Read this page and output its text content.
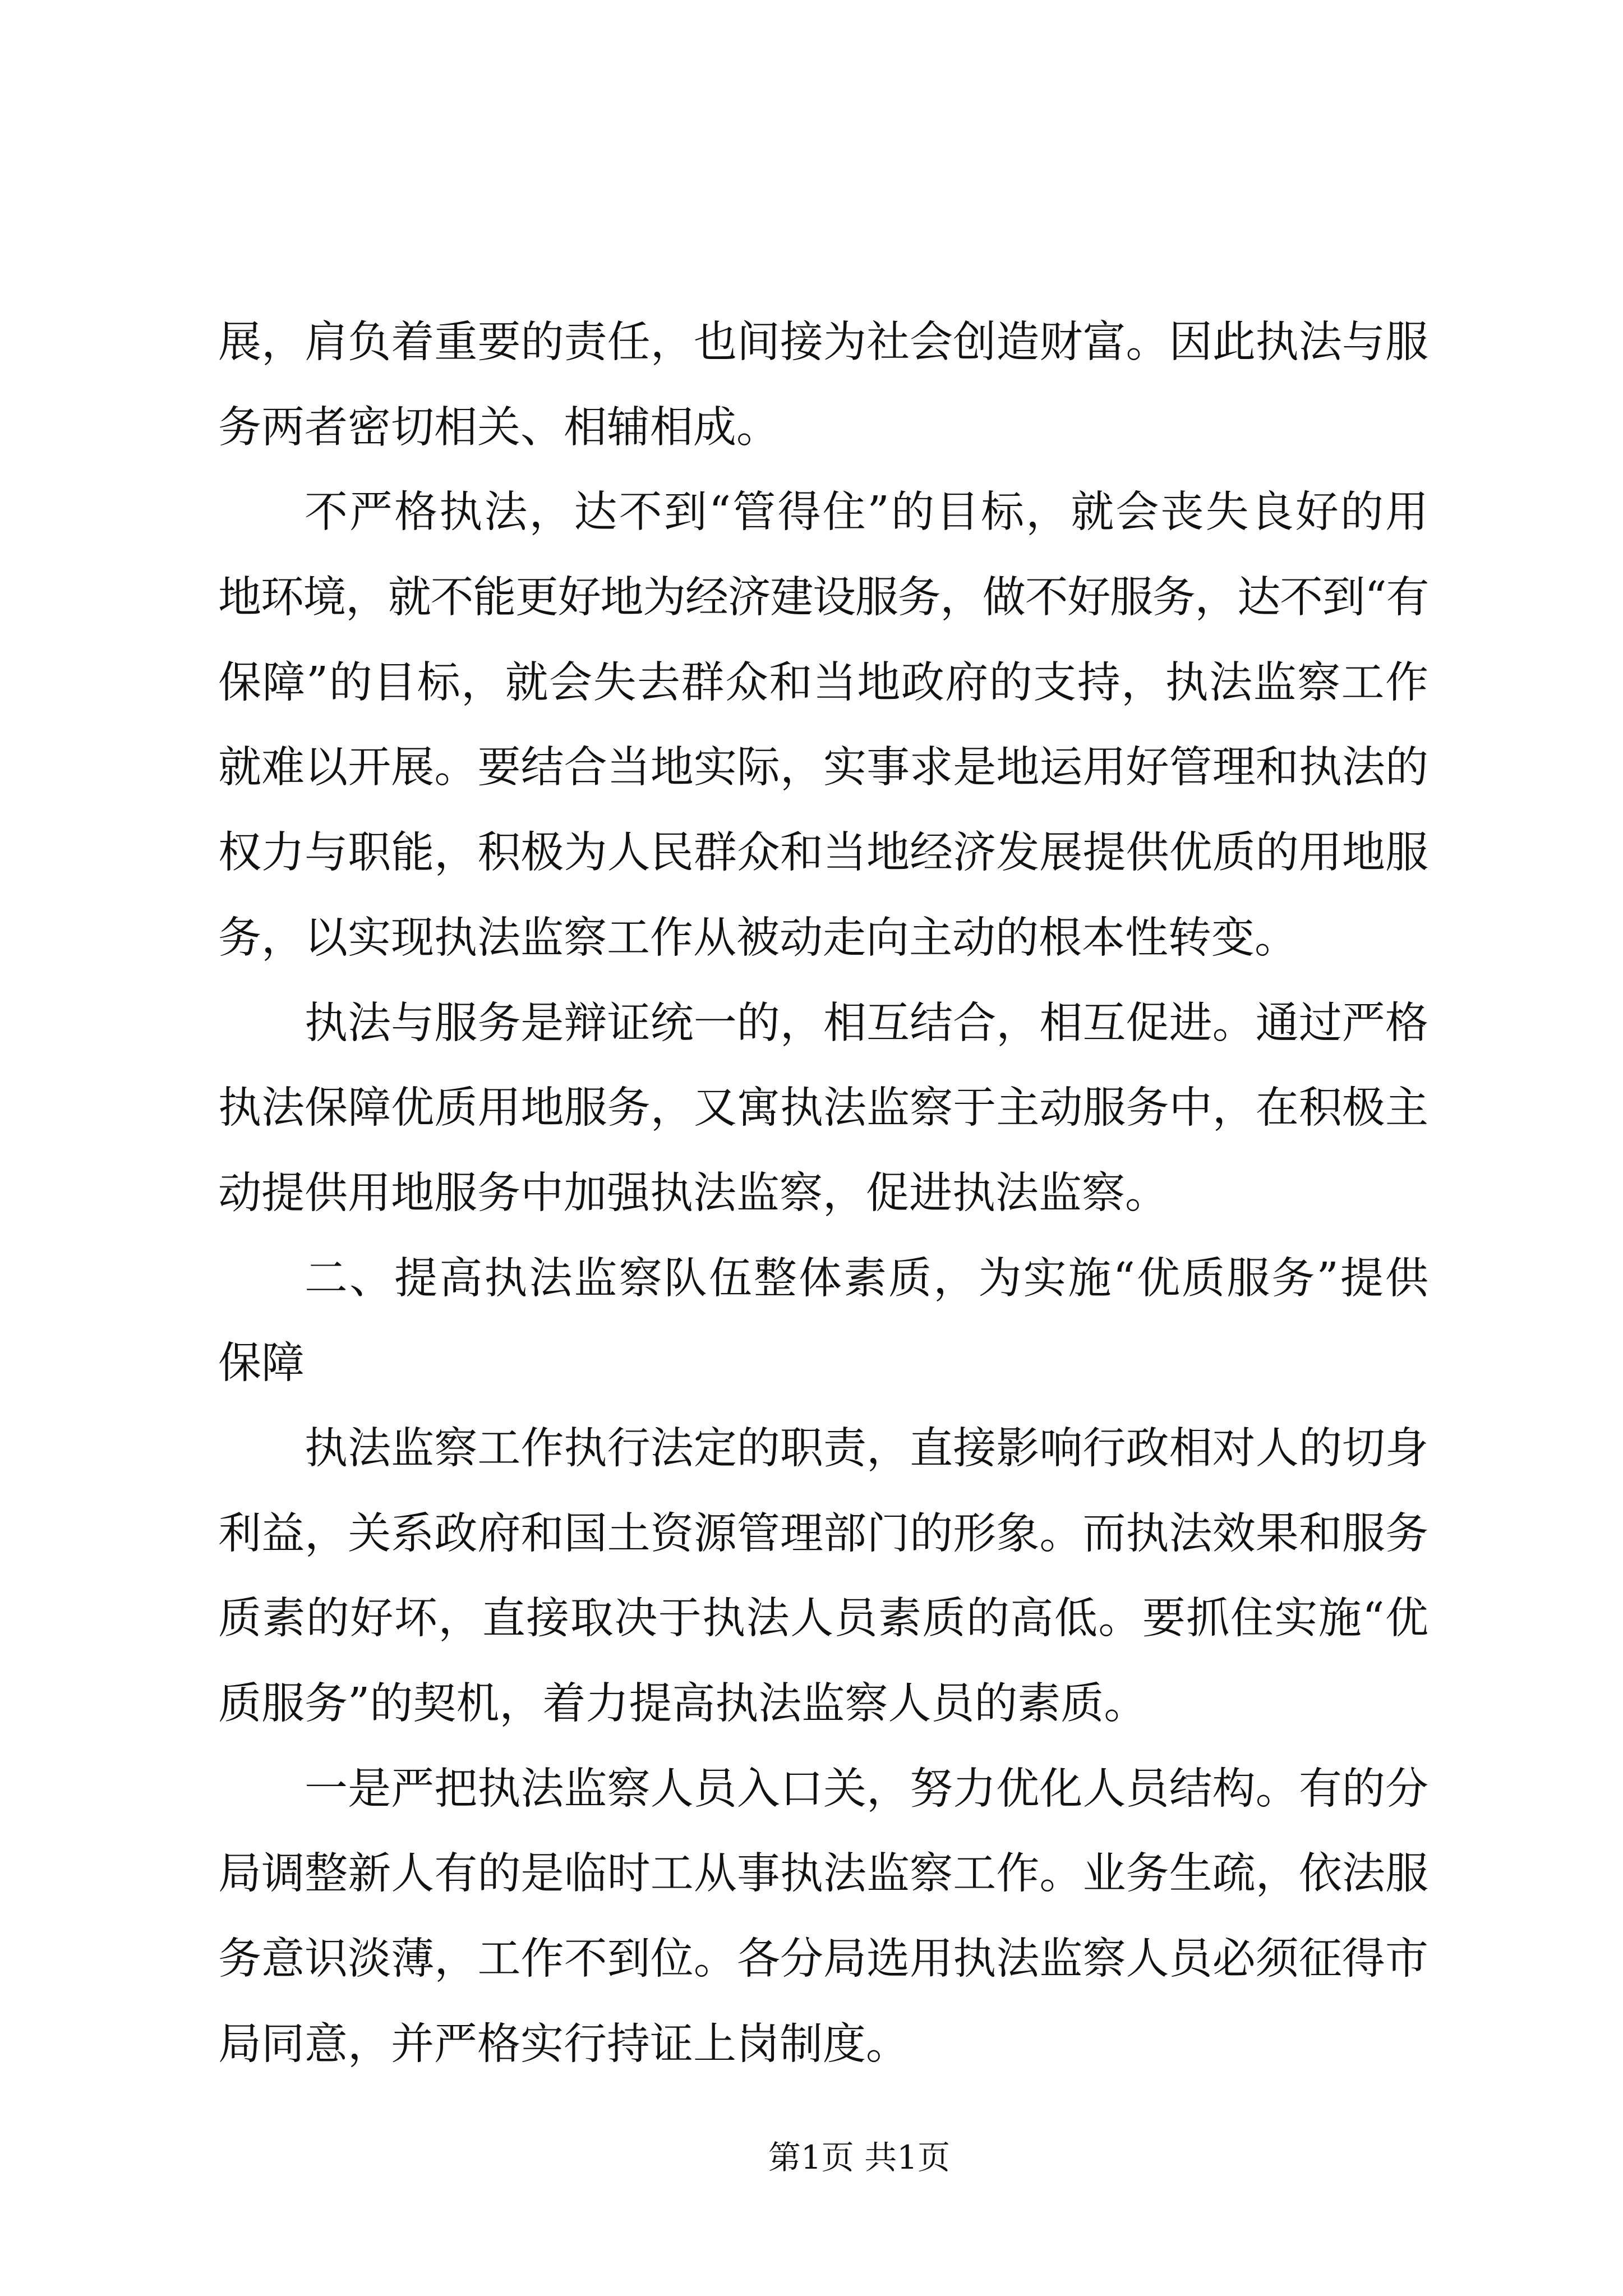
展，肩负着重要的责任，也间接为社会创造财富。因此执法与服
务两者密切相关、相辅相成。
不严格执法，达不到“管得住”的目标，就会丧失良好的用
地环境，就不能更好地为经济建设服务，做不好服务，达不到“有
保障”的目标，就会失去群众和当地政府的支持，执法监察工作
就难以开展。要结合当地实际，实事求是地运用好管理和执法的
权力与职能，积极为人民群众和当地经济发展提供优质的用地服
务，以实现执法监察工作从被动走向主动的根本性转变。
执法与服务是辩证统一的，相互结合，相互促进。通过严格
执法保障优质用地服务，又寓执法监察于主动服务中，在积极主
动提供用地服务中加强执法监察，促进执法监察。
二、提高执法监察队伍整体素质，为实施“优质服务”提供
保障
执法监察工作执行法定的职责，直接影响行政相对人的切身
利益，关系政府和国土资源管理部门的形象。而执法效果和服务
质素的好坏，直接取决于执法人员素质的高低。要抓住实施“优
质服务”的契机，着力提高执法监察人员的素质。
一是严把执法监察人员入口关，努力优化人员结构。有的分
局调整新人有的是临时工从事执法监察工作。业务生疏，依法服
务意识淡薄，工作不到位。各分局选用执法监察人员必须征得市
局同意，并严格实行持证上岗制度。
第1页 共1页
